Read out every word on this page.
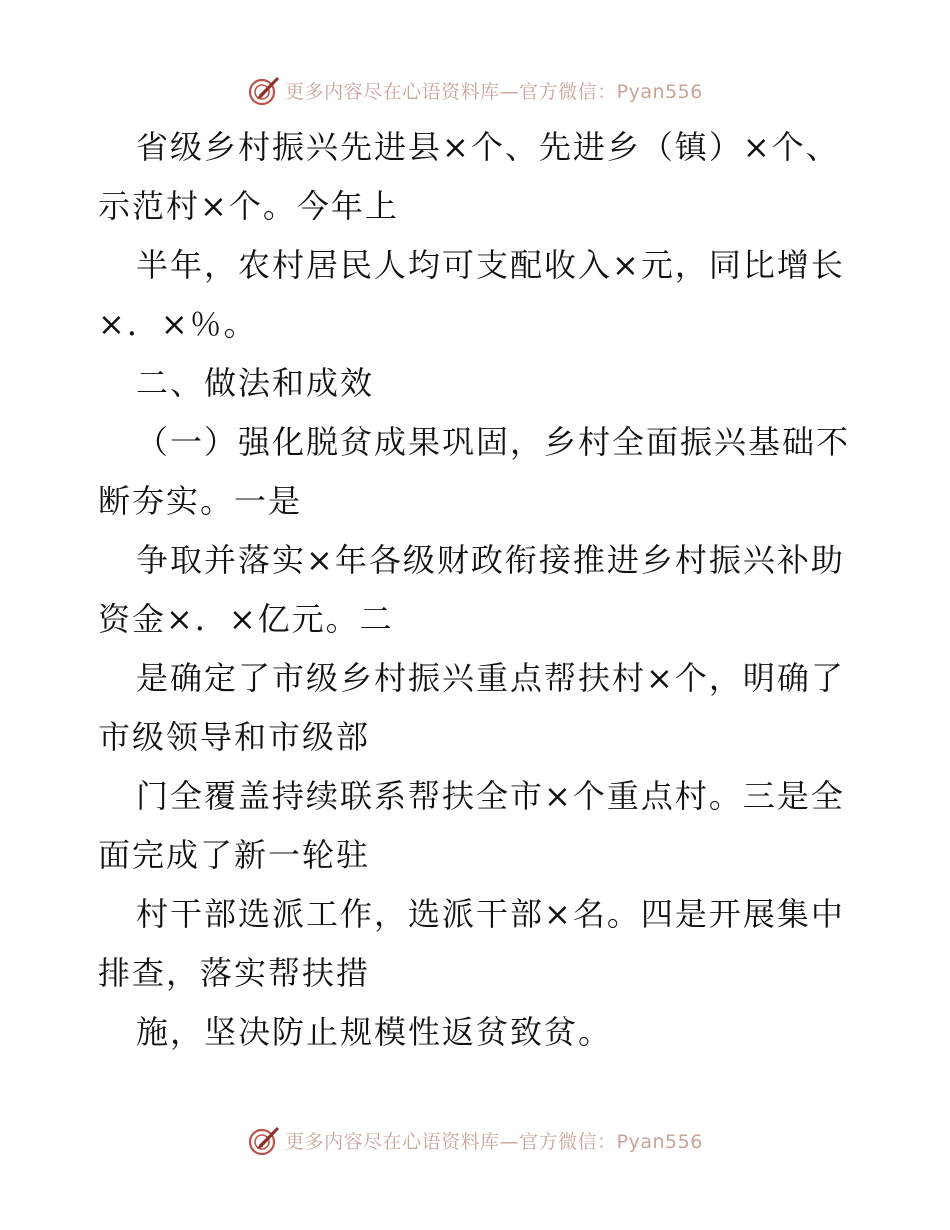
更多内容尽在心语资料库—官方微信：Pyan556

省级乡村振兴先进县×个、先进乡（镇）×个、
示范村×个。今年上

半年，农村居民人均可支配收入×元，同比增长
×．×％。

二、做法和成效

（一）强化脱贫成果巩固，乡村全面振兴基础不
断夯实。一是

争取并落实×年各级财政衔接推进乡村振兴补助
资金×．×亿元。二

是确定了市级乡村振兴重点帮扶村×个，明确了
市级领导和市级部

门全覆盖持续联系帮扶全市×个重点村。三是全
面完成了新一轮驻

村干部选派工作，选派干部×名。四是开展集中
排查，落实帮扶措

施，坚决防止规模性返贫致贫。

更多内容尽在心语资料库—官方微信：Pyan556
